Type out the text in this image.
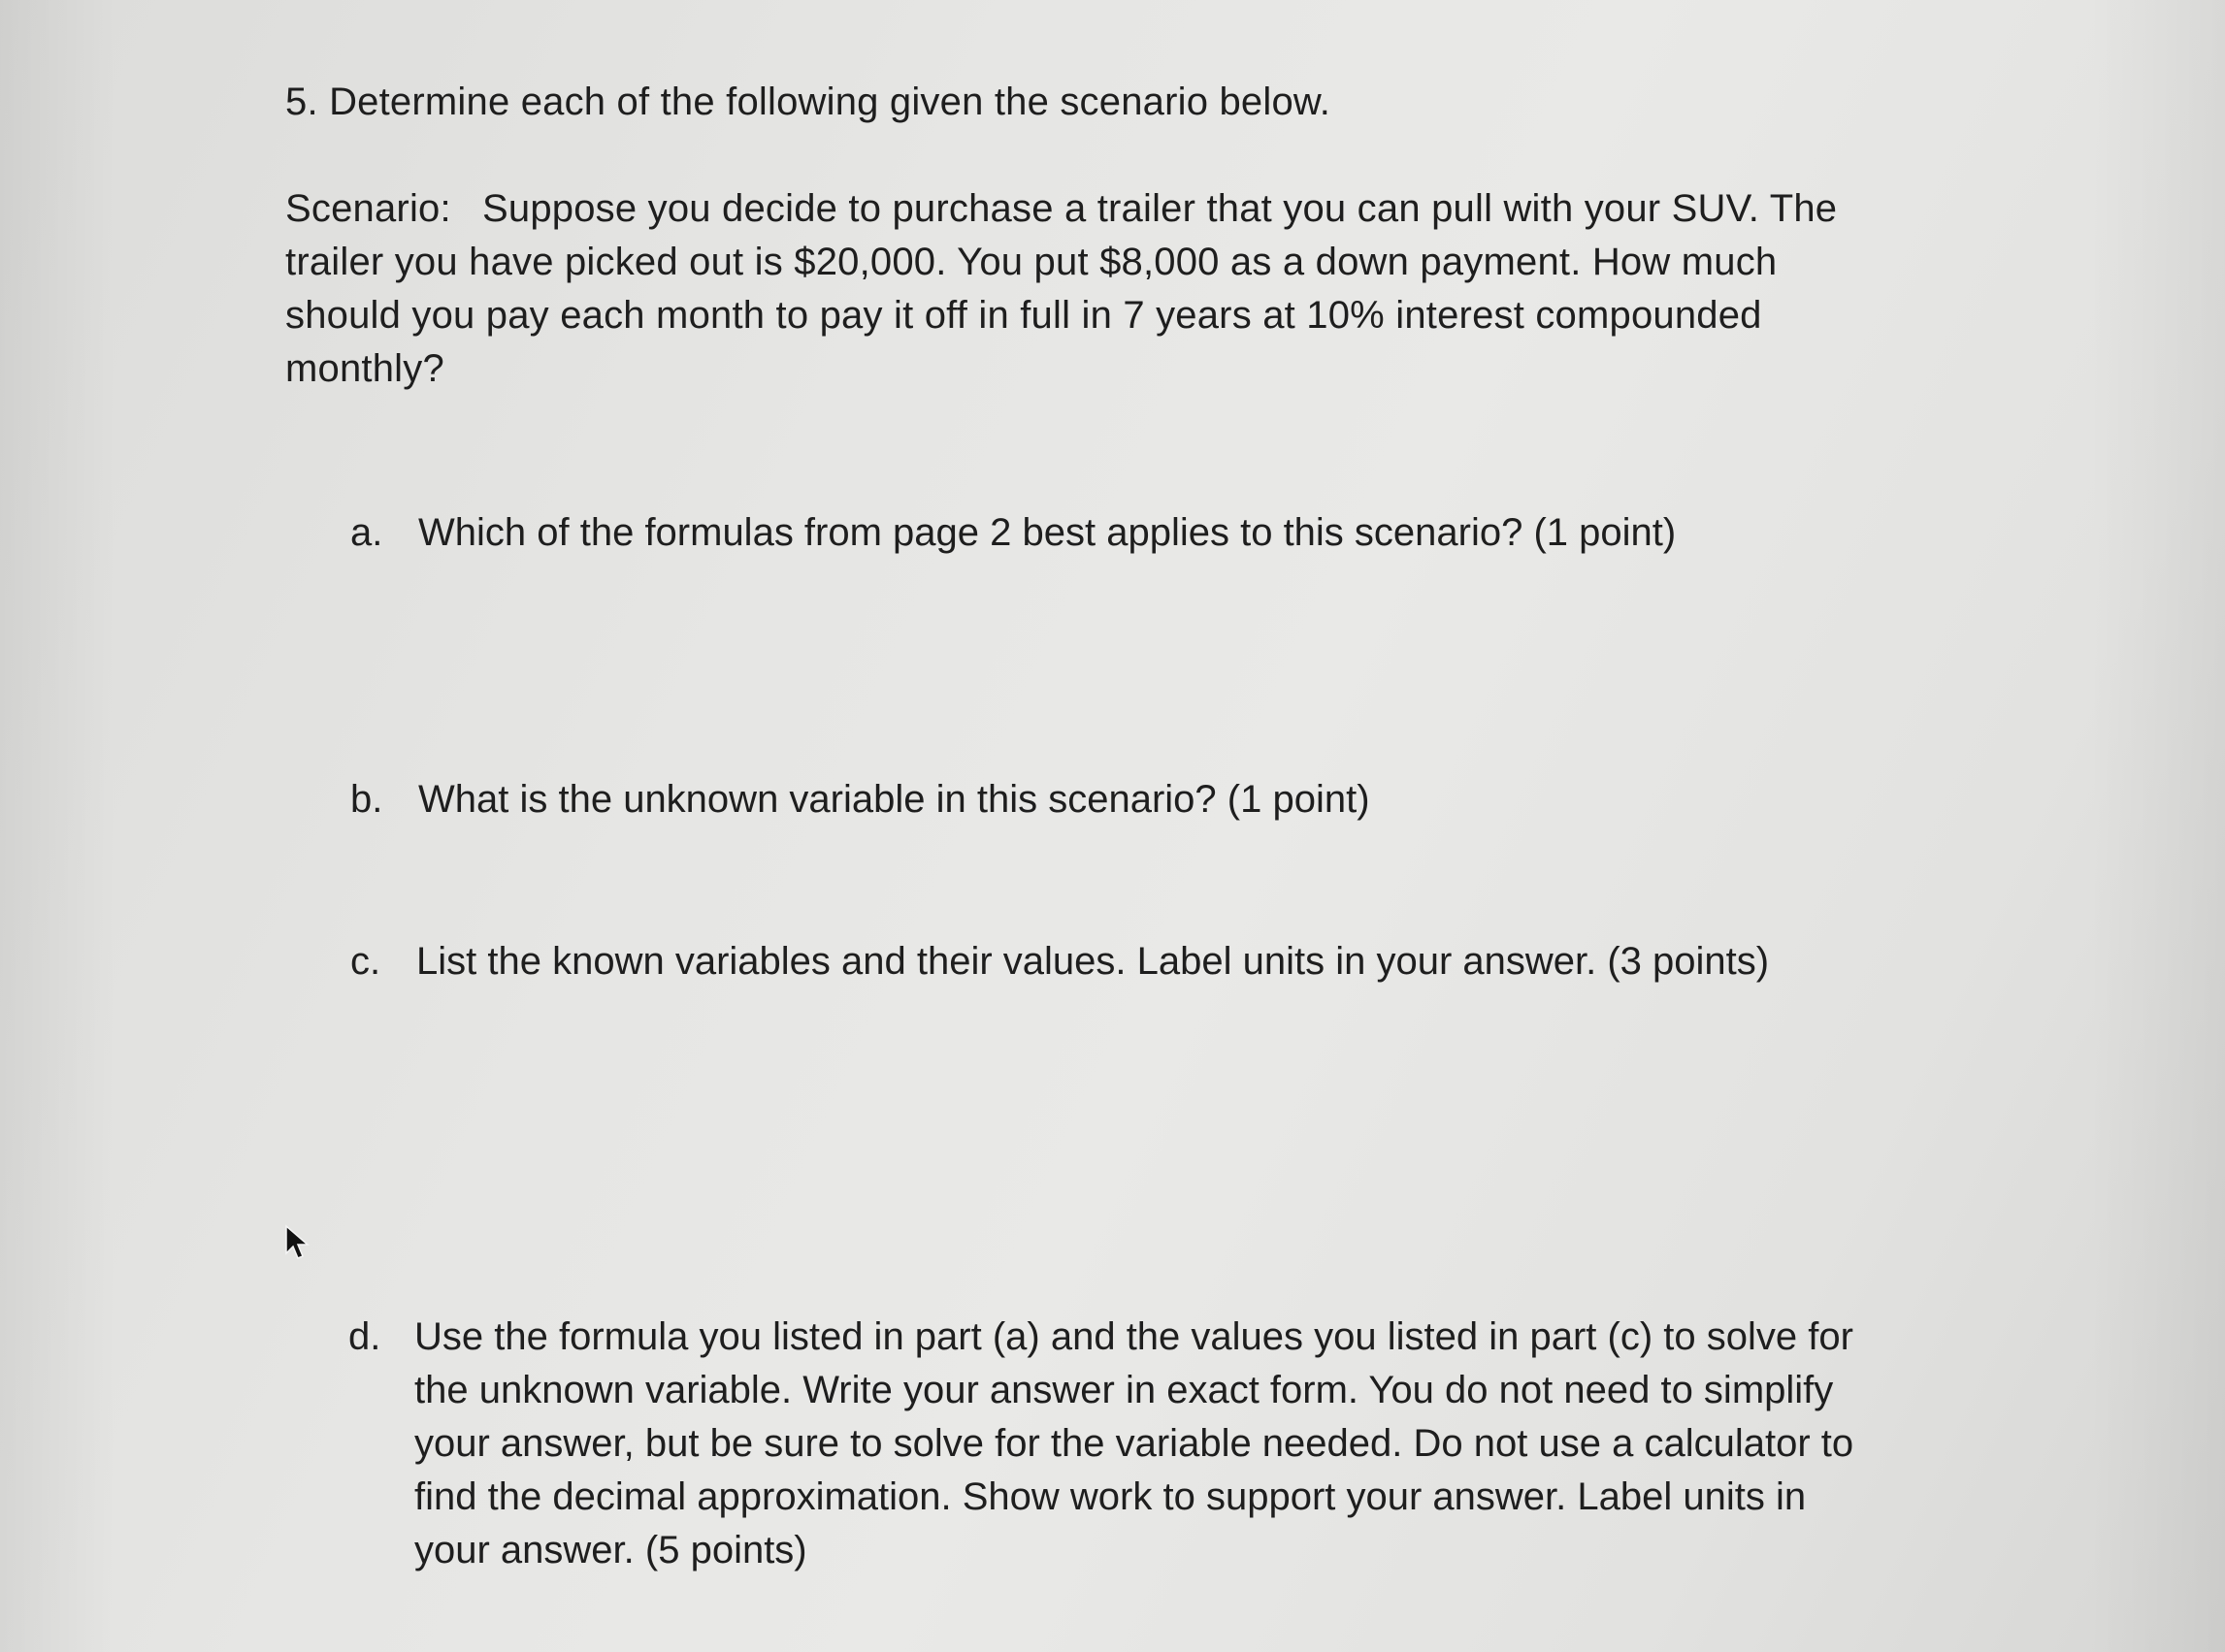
5. Determine each of the following given the scenario below.

Scenario: Suppose you decide to purchase a trailer that you can pull with your SUV. The
trailer you have picked out is $20,000. You put $8,000 as a down payment. How much
should you pay each month to pay it off in full in 7 years at 10% interest compounded
monthly?
a. Which of the formulas from page 2 best applies to this scenario? (1 point)
b. What is the unknown variable in this scenario? (1 point)
c. List the known variables and their values. Label units in your answer. (3 points)
d. Use the formula you listed in part (a) and the values you listed in part (c) to solve for
the unknown variable. Write your answer in exact form. You do not need to simplify
your answer, but be sure to solve for the variable needed. Do not use a calculator to
find the decimal approximation. Show work to support your answer. Label units in
your answer. (5 points)
